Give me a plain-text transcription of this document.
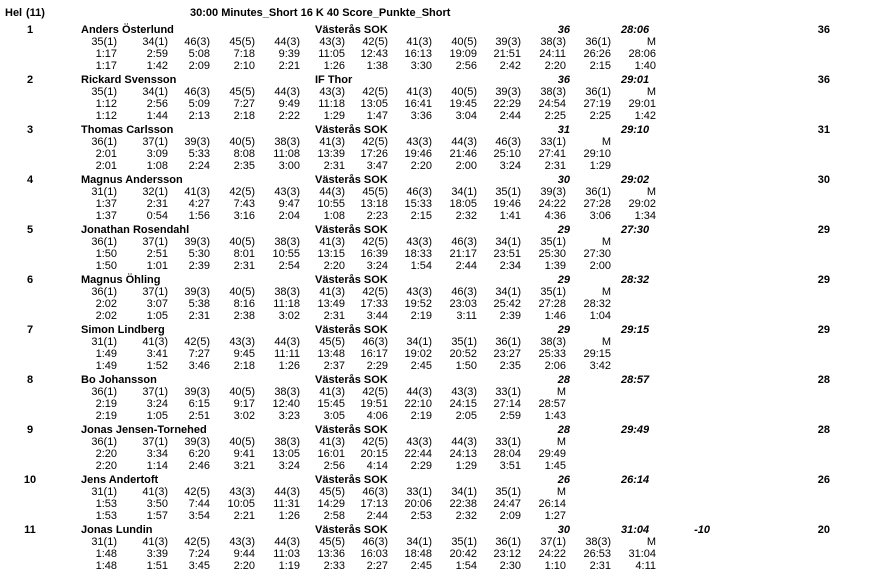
Hel (11)	30:00 Minutes_Short 16 K 40 Score_Punkte_Short
1	Anders Österlund	Västerås SOK	36	28:06	36
35(1)	34(1)	46(3)	45(5)	44(3)	43(3)	42(5)	41(3)	40(5)	39(3)	38(3)	36(1)	M
1:17	2:59	5:08	7:18	9:39	11:05	12:43	16:13	19:09	21:51	24:11	26:26	28:06
1:17	1:42	2:09	2:10	2:21	1:26	1:38	3:30	2:56	2:42	2:20	2:15	1:40
2	Rickard Svensson	IF Thor	36	29:01	36
35(1)	34(1)	46(3)	45(5)	44(3)	43(3)	42(5)	41(3)	40(5)	39(3)	38(3)	36(1)	M
1:12	2:56	5:09	7:27	9:49	11:18	13:05	16:41	19:45	22:29	24:54	27:19	29:01
1:12	1:44	2:13	2:18	2:22	1:29	1:47	3:36	3:04	2:44	2:25	2:25	1:42
3	Thomas Carlsson	Västerås SOK	31	29:10	31
36(1)	37(1)	39(3)	40(5)	38(3)	41(3)	42(5)	43(3)	44(3)	46(3)	33(1)	M
2:01	3:09	5:33	8:08	11:08	13:39	17:26	19:46	21:46	25:10	27:41	29:10
2:01	1:08	2:24	2:35	3:00	2:31	3:47	2:20	2:00	3:24	2:31	1:29
4	Magnus Andersson	Västerås SOK	30	29:02	30
31(1)	32(1)	41(3)	42(5)	43(3)	44(3)	45(5)	46(3)	34(1)	35(1)	39(3)	36(1)	M
1:37	2:31	4:27	7:43	9:47	10:55	13:18	15:33	18:05	19:46	24:22	27:28	29:02
1:37	0:54	1:56	3:16	2:04	1:08	2:23	2:15	2:32	1:41	4:36	3:06	1:34
5	Jonathan Rosendahl	Västerås SOK	29	27:30	29
36(1)	37(1)	39(3)	40(5)	38(3)	41(3)	42(5)	43(3)	46(3)	34(1)	35(1)	M
1:50	2:51	5:30	8:01	10:55	13:15	16:39	18:33	21:17	23:51	25:30	27:30
1:50	1:01	2:39	2:31	2:54	2:20	3:24	1:54	2:44	2:34	1:39	2:00
6	Magnus Öhling	Västerås SOK	29	28:32	29
36(1)	37(1)	39(3)	40(5)	38(3)	41(3)	42(5)	43(3)	46(3)	34(1)	35(1)	M
2:02	3:07	5:38	8:16	11:18	13:49	17:33	19:52	23:03	25:42	27:28	28:32
2:02	1:05	2:31	2:38	3:02	2:31	3:44	2:19	3:11	2:39	1:46	1:04
7	Simon Lindberg	Västerås SOK	29	29:15	29
31(1)	41(3)	42(5)	43(3)	44(3)	45(5)	46(3)	34(1)	35(1)	36(1)	38(3)	M
1:49	3:41	7:27	9:45	11:11	13:48	16:17	19:02	20:52	23:27	25:33	29:15
1:49	1:52	3:46	2:18	1:26	2:37	2:29	2:45	1:50	2:35	2:06	3:42
8	Bo Johansson	Västerås SOK	28	28:57	28
36(1)	37(1)	39(3)	40(5)	38(3)	41(3)	42(5)	44(3)	43(3)	33(1)	M
2:19	3:24	6:15	9:17	12:40	15:45	19:51	22:10	24:15	27:14	28:57
2:19	1:05	2:51	3:02	3:23	3:05	4:06	2:19	2:05	2:59	1:43
9	Jonas Jensen-Tornehed	Västerås SOK	28	29:49	28
36(1)	37(1)	39(3)	40(5)	38(3)	41(3)	42(5)	43(3)	44(3)	33(1)	M
2:20	3:34	6:20	9:41	13:05	16:01	20:15	22:44	24:13	28:04	29:49
2:20	1:14	2:46	3:21	3:24	2:56	4:14	2:29	1:29	3:51	1:45
10	Jens Andertoft	Västerås SOK	26	26:14	26
31(1)	41(3)	42(5)	43(3)	44(3)	45(5)	46(3)	33(1)	34(1)	35(1)	M
1:53	3:50	7:44	10:05	11:31	14:29	17:13	20:06	22:38	24:47	26:14
1:53	1:57	3:54	2:21	1:26	2:58	2:44	2:53	2:32	2:09	1:27
11	Jonas Lundin	Västerås SOK	30	31:04	-10	20
31(1)	41(3)	42(5)	43(3)	44(3)	45(5)	46(3)	34(1)	35(1)	36(1)	37(1)	38(3)	M
1:48	3:39	7:24	9:44	11:03	13:36	16:03	18:48	20:42	23:12	24:22	26:53	31:04
1:48	1:51	3:45	2:20	1:19	2:33	2:27	2:45	1:54	2:30	1:10	2:31	4:11
